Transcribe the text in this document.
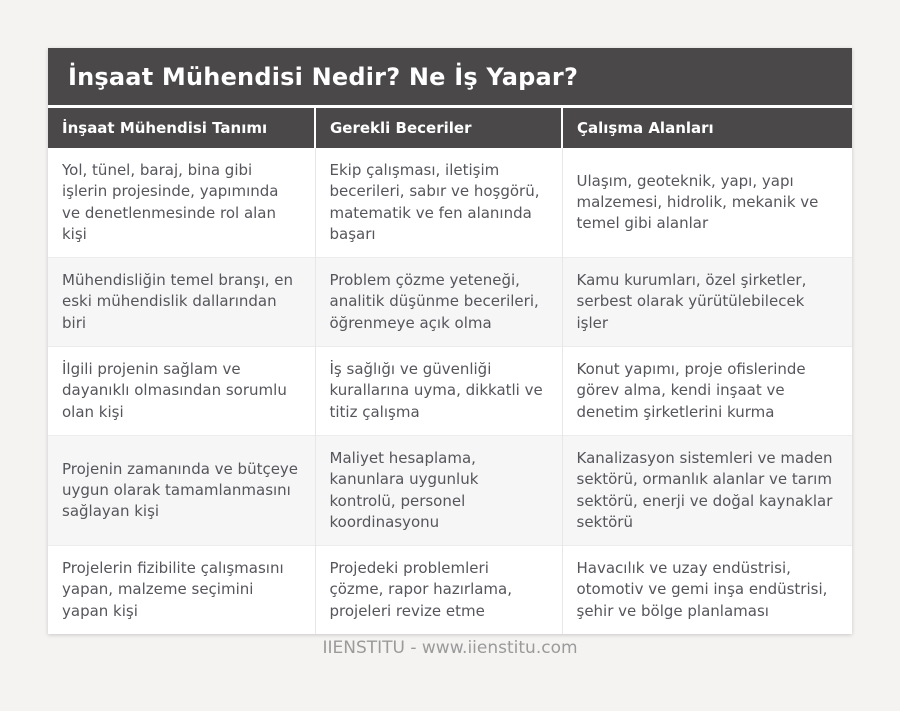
İnşaat Mühendisi Nedir? Ne İş Yapar?
İnşaat Mühendisi Tanımı	Gerekli Beceriler	Çalışma Alanları
Yol, tünel, baraj, bina gibi işlerin projesinde, yapımında ve denetlenmesinde rol alan kişi	Ekip çalışması, iletişim becerileri, sabır ve hoşgörü, matematik ve fen alanında başarı	Ulaşım, geoteknik, yapı, yapı malzemesi, hidrolik, mekanik ve temel gibi alanlar
Mühendisliğin temel branşı, en eski mühendislik dallarından biri	Problem çözme yeteneği, analitik düşünme becerileri, öğrenmeye açık olma	Kamu kurumları, özel şirketler, serbest olarak yürütülebilecek işler
İlgili projenin sağlam ve dayanıklı olmasından sorumlu olan kişi	İş sağlığı ve güvenliği kurallarına uyma, dikkatli ve titiz çalışma	Konut yapımı, proje ofislerinde görev alma, kendi inşaat ve denetim şirketlerini kurma
Projenin zamanında ve bütçeye uygun olarak tamamlanmasını sağlayan kişi	Maliyet hesaplama, kanunlara uygunluk kontrolü, personel koordinasyonu	Kanalizasyon sistemleri ve maden sektörü, ormanlık alanlar ve tarım sektörü, enerji ve doğal kaynaklar sektörü
Projelerin fizibilite çalışmasını yapan, malzeme seçimini yapan kişi	Projedeki problemleri çözme, rapor hazırlama, projeleri revize etme	Havacılık ve uzay endüstrisi, otomotiv ve gemi inşa endüstrisi, şehir ve bölge planlaması
IIENSTITU - www.iienstitu.com
